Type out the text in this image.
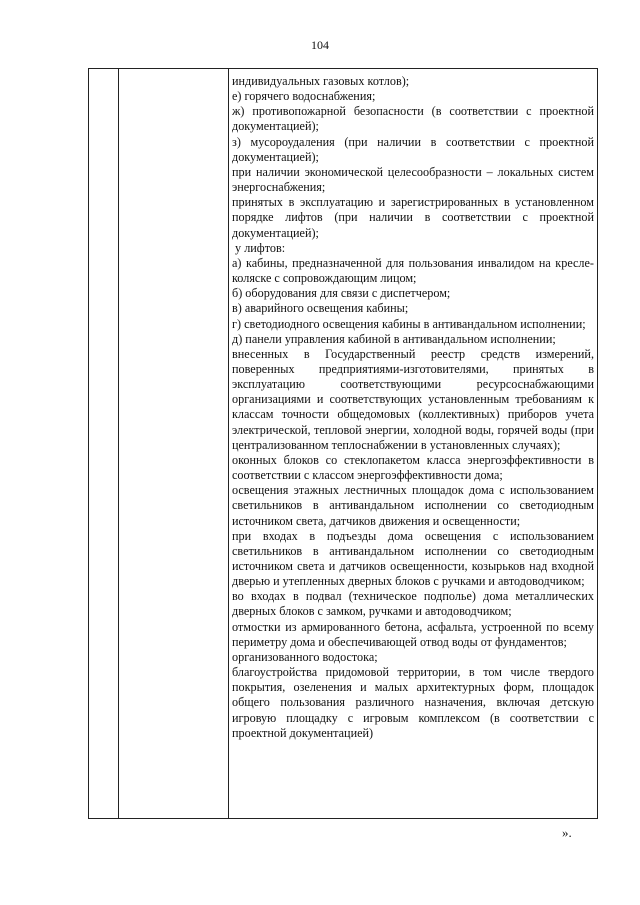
104

индивидуальных газовых котлов);

е) горячего водоснабжения;

ж) противопожарной безопасности (в соответствии с проектной документацией);

з) мусороудаления (при наличии в соответствии с проектной документацией);

при наличии экономической целесообразности – локальных систем энергоснабжения;

принятых в эксплуатацию и зарегистрированных в установленном порядке лифтов (при наличии в соответствии с проектной документацией);

у лифтов:

а) кабины, предназначенной для пользования инвалидом на кресле-коляске с сопровождающим лицом;

б) оборудования для связи с диспетчером;

в) аварийного освещения кабины;

г) светодиодного освещения кабины в антивандальном исполнении;

д) панели управления кабиной в антивандальном исполнении;

внесенных в Государственный реестр средств измерений, поверенных предприятиями-изготовителями, принятых в эксплуатацию соответствующими ресурсоснабжающими организациями и соответствующих установленным требованиям к классам точности общедомовых (коллективных) приборов учета электрической, тепловой энергии, холодной воды, горячей воды (при централизованном теплоснабжении в установленных случаях);

оконных блоков со стеклопакетом класса энергоэффективности в соответствии с классом энергоэффективности дома;

освещения этажных лестничных площадок дома с использованием светильников в антивандальном исполнении со светодиодным источником света, датчиков движения и освещенности;

при входах в подъезды дома освещения с использованием светильников в антивандальном исполнении со светодиодным источником света и датчиков освещенности, козырьков над входной дверью и утепленных дверных блоков с ручками и автодоводчиком;

во входах в подвал (техническое подполье) дома металлических дверных блоков с замком, ручками и автодоводчиком;

отмостки из армированного бетона, асфальта, устроенной по всему периметру дома и обеспечивающей отвод воды от фундаментов;

организованного водостока;

благоустройства придомовой территории, в том числе твердого покрытия, озеленения и малых архитектурных форм, площадок общего пользования различного назначения, включая детскую игровую площадку с игровым комплексом (в соответствии с проектной документацией)

».
